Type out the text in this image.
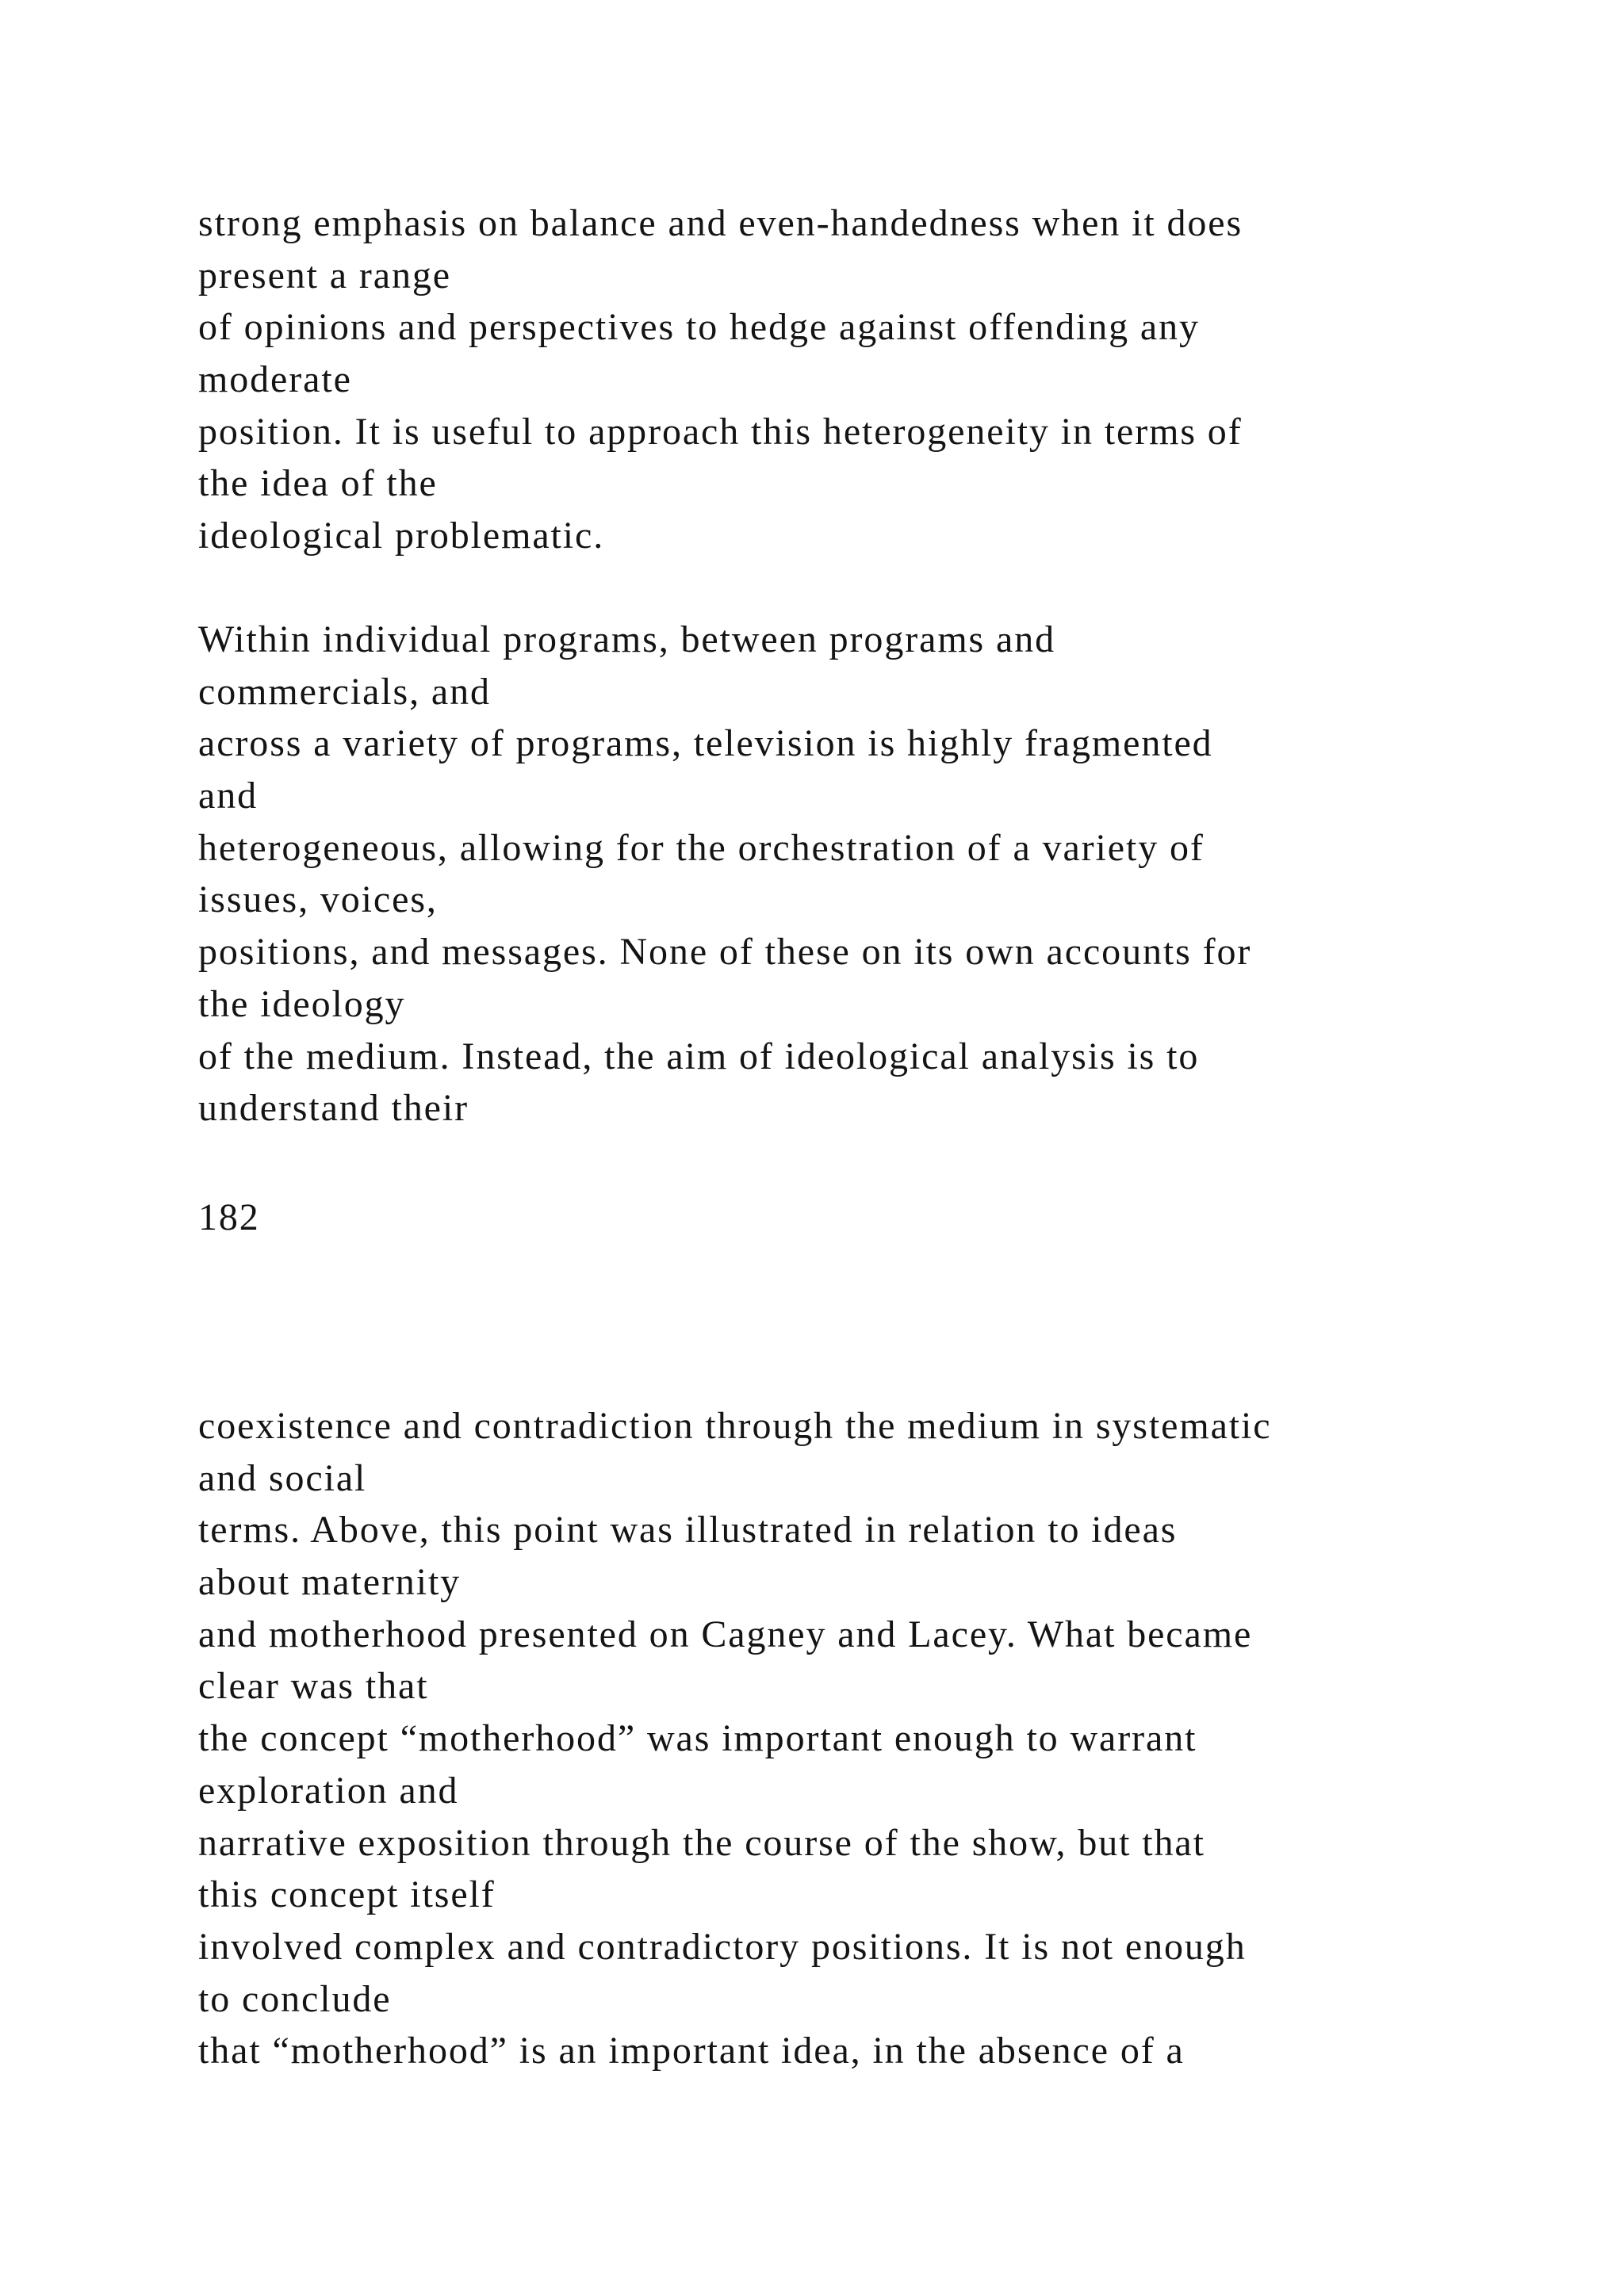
strong emphasis on balance and even-handedness when it does
present a range
of opinions and perspectives to hedge against offending any
moderate
position. It is useful to approach this heterogeneity in terms of
the idea of the
ideological problematic.
Within individual programs, between programs and
commercials, and
across a variety of programs, television is highly fragmented
and
heterogeneous, allowing for the orchestration of a variety of
issues, voices,
positions, and messages. None of these on its own accounts for
the ideology
of the medium. Instead, the aim of ideological analysis is to
understand their
182
coexistence and contradiction through the medium in systematic
and social
terms. Above, this point was illustrated in relation to ideas
about maternity
and motherhood presented on Cagney and Lacey. What became
clear was that
the concept “motherhood” was important enough to warrant
exploration and
narrative exposition through the course of the show, but that
this concept itself
involved complex and contradictory positions. It is not enough
to conclude
that “motherhood” is an important idea, in the absence of a
